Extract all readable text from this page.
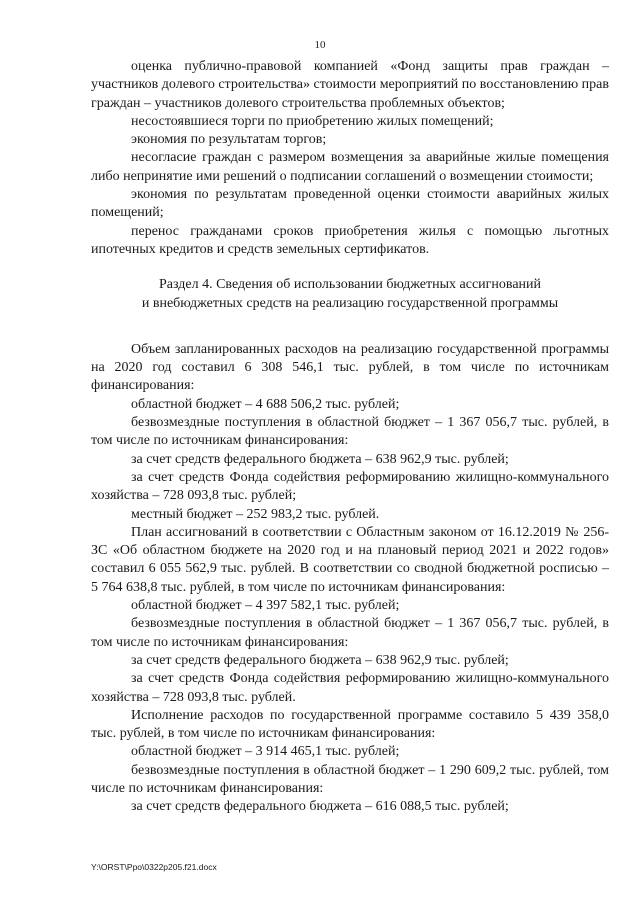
10

оценка публично-правовой компанией «Фонд защиты прав граждан – участников долевого строительства» стоимости мероприятий по восстановлению прав граждан – участников долевого строительства проблемных объектов;

несостоявшиеся торги по приобретению жилых помещений;

экономия по результатам торгов;

несогласие граждан с размером возмещения за аварийные жилые помещения либо непринятие ими решений о подписании соглашений о возмещении стоимости;

экономия по результатам проведенной оценки стоимости аварийных жилых помещений;

перенос гражданами сроков приобретения жилья с помощью льготных ипотечных кредитов и средств земельных сертификатов.

Раздел 4. Сведения об использовании бюджетных ассигнований

и внебюджетных средств на реализацию государственной программы

Объем запланированных расходов на реализацию государственной программы на 2020 год составил 6 308 546,1 тыс. рублей, в том числе по источникам финансирования:

областной бюджет – 4 688 506,2 тыс. рублей;

безвозмездные поступления в областной бюджет – 1 367 056,7 тыс. рублей, в том числе по источникам финансирования:

за счет средств федерального бюджета – 638 962,9 тыс. рублей;

за счет средств Фонда содействия реформированию жилищно-коммунального хозяйства – 728 093,8 тыс. рублей;

местный бюджет – 252 983,2 тыс. рублей.

План ассигнований в соответствии с Областным законом от 16.12.2019 № 256-ЗС «Об областном бюджете на 2020 год и на плановый период 2021 и 2022 годов» составил 6 055 562,9 тыс. рублей. В соответствии со сводной бюджетной росписью – 5 764 638,8 тыс. рублей, в том числе по источникам финансирования:

областной бюджет – 4 397 582,1 тыс. рублей;

безвозмездные поступления в областной бюджет – 1 367 056,7 тыс. рублей, в том числе по источникам финансирования:

за счет средств федерального бюджета – 638 962,9 тыс. рублей;

за счет средств Фонда содействия реформированию жилищно-коммунального хозяйства – 728 093,8 тыс. рублей.

Исполнение расходов по государственной программе составило 5 439 358,0 тыс. рублей, в том числе по источникам финансирования:

областной бюджет – 3 914 465,1 тыс. рублей;

безвозмездные поступления в областной бюджет – 1 290 609,2 тыс. рублей, том числе по источникам финансирования:

за счет средств федерального бюджета – 616 088,5 тыс. рублей;

Y:\ORST\Ppo\0322p205.f21.docx
